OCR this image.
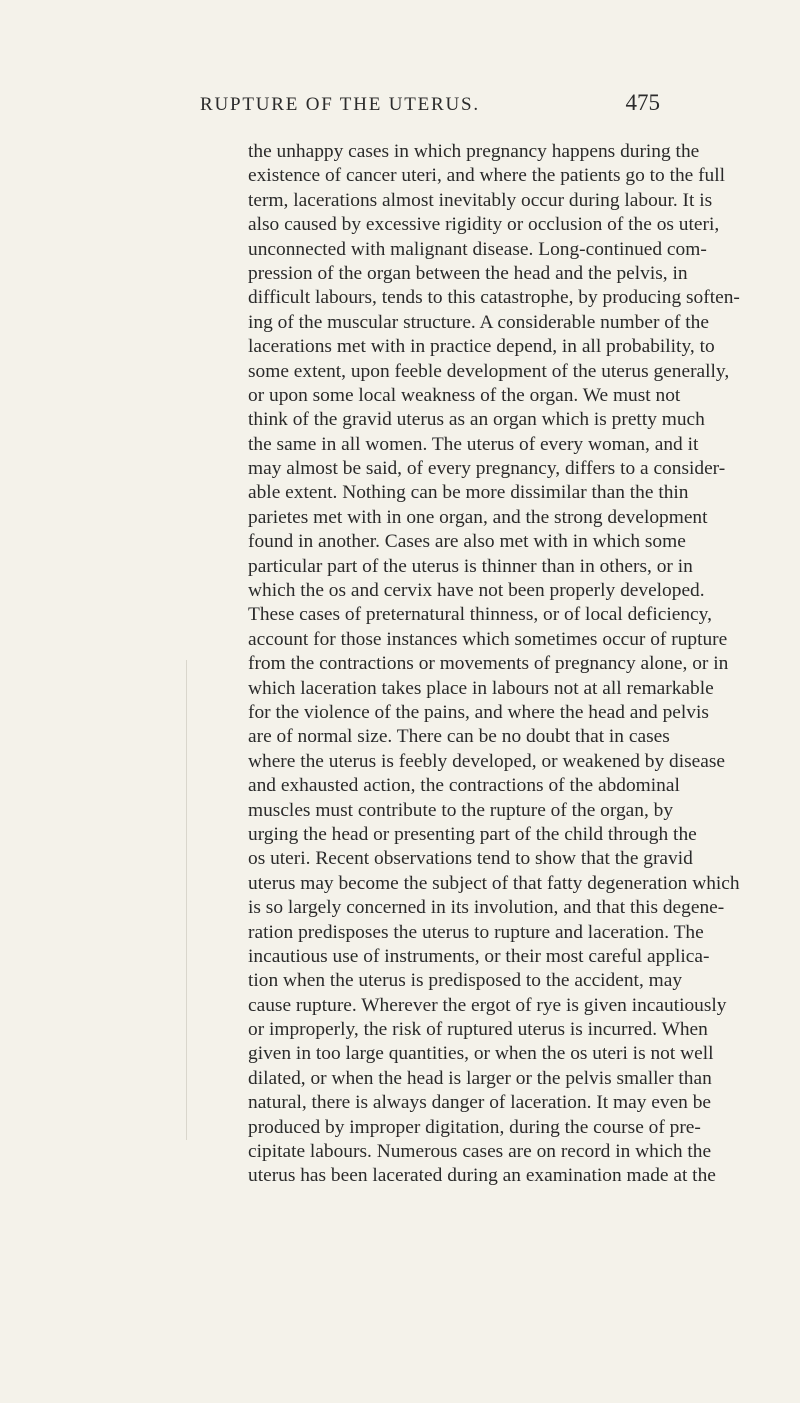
RUPTURE OF THE UTERUS.	475
the unhappy cases in which pregnancy happens during the
existence of cancer uteri, and where the patients go to the full
term, lacerations almost inevitably occur during labour. It is
also caused by excessive rigidity or occlusion of the os uteri,
unconnected with malignant disease. Long-continued com-
pression of the organ between the head and the pelvis, in
difficult labours, tends to this catastrophe, by producing soften-
ing of the muscular structure. A considerable number of the
lacerations met with in practice depend, in all probability, to
some extent, upon feeble development of the uterus generally,
or upon some local weakness of the organ. We must not
think of the gravid uterus as an organ which is pretty much
the same in all women. The uterus of every woman, and it
may almost be said, of every pregnancy, differs to a consider-
able extent. Nothing can be more dissimilar than the thin
parietes met with in one organ, and the strong development
found in another. Cases are also met with in which some
particular part of the uterus is thinner than in others, or in
which the os and cervix have not been properly developed.
These cases of preternatural thinness, or of local deficiency,
account for those instances which sometimes occur of rupture
from the contractions or movements of pregnancy alone, or in
which laceration takes place in labours not at all remarkable
for the violence of the pains, and where the head and pelvis
are of normal size. There can be no doubt that in cases
where the uterus is feebly developed, or weakened by disease
and exhausted action, the contractions of the abdominal
muscles must contribute to the rupture of the organ, by
urging the head or presenting part of the child through the
os uteri. Recent observations tend to show that the gravid
uterus may become the subject of that fatty degeneration which
is so largely concerned in its involution, and that this degene-
ration predisposes the uterus to rupture and laceration. The
incautious use of instruments, or their most careful applica-
tion when the uterus is predisposed to the accident, may
cause rupture. Wherever the ergot of rye is given incautiously
or improperly, the risk of ruptured uterus is incurred. When
given in too large quantities, or when the os uteri is not well
dilated, or when the head is larger or the pelvis smaller than
natural, there is always danger of laceration. It may even be
produced by improper digitation, during the course of pre-
cipitate labours. Numerous cases are on record in which the
uterus has been lacerated during an examination made at the
